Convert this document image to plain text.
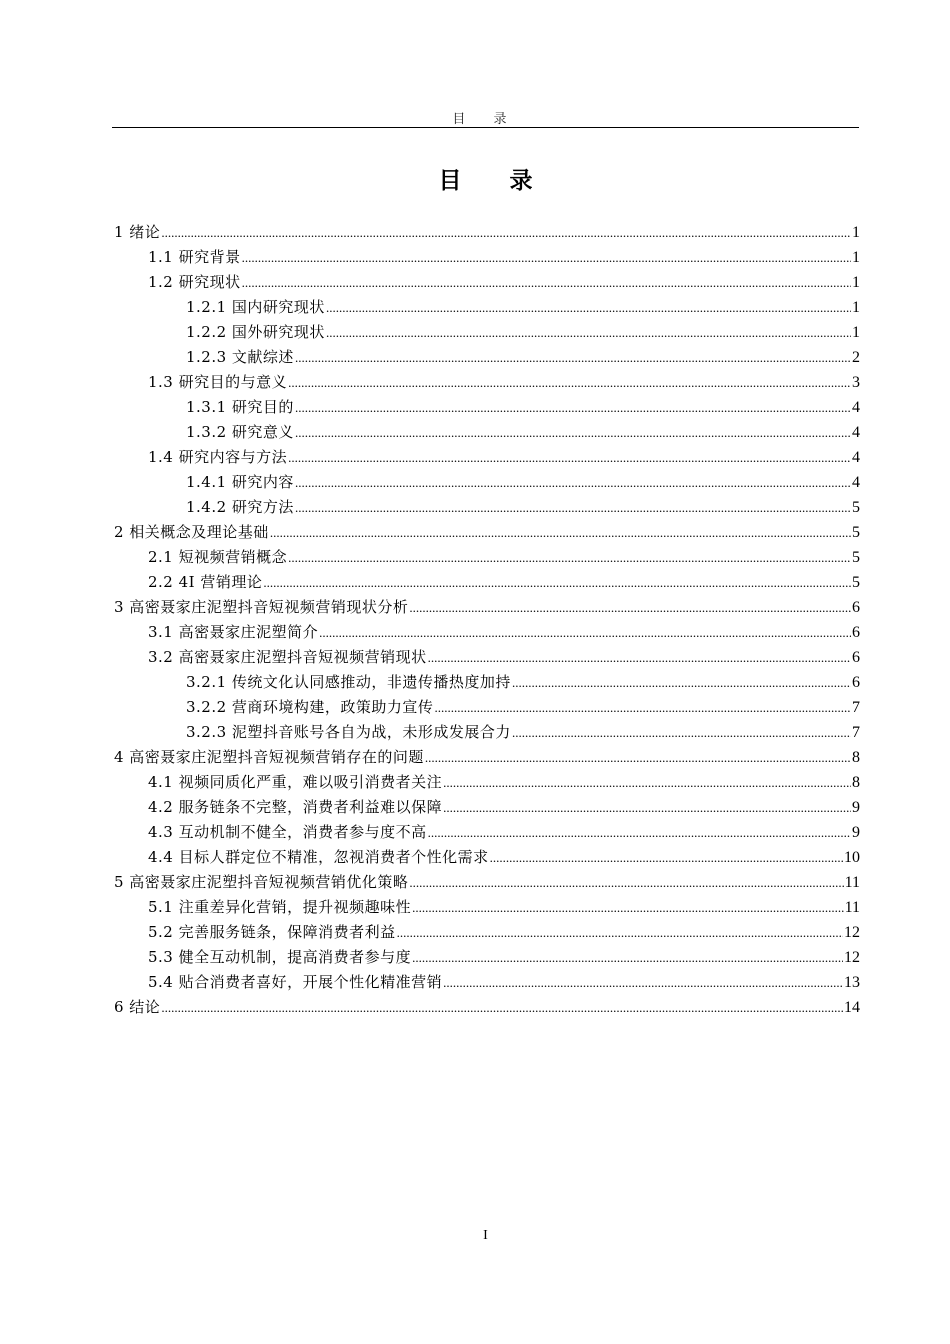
目 录
目 录
1 绪论 .....	1
1.1 研究背景 .....	1
1.2 研究现状 .....	1
1.2.1 国内研究现状 .....	1
1.2.2 国外研究现状 .....	1
1.2.3 文献综述 .....	2
1.3 研究目的与意义 .....	3
1.3.1 研究目的 .....	4
1.3.2 研究意义 .....	4
1.4 研究内容与方法 .....	4
1.4.1 研究内容 .....	4
1.4.2 研究方法 .....	5
2 相关概念及理论基础 .....	5
2.1 短视频营销概念 .....	5
2.2 4I 营销理论 .....	5
3 高密聂家庄泥塑抖音短视频营销现状分析 .....	6
3.1 高密聂家庄泥塑简介 .....	6
3.2 高密聂家庄泥塑抖音短视频营销现状 .....	6
3.2.1 传统文化认同感推动，非遗传播热度加持 .....	6
3.2.2 营商环境构建，政策助力宣传 .....	7
3.2.3 泥塑抖音账号各自为战，未形成发展合力 .....	7
4 高密聂家庄泥塑抖音短视频营销存在的问题 .....	8
4.1 视频同质化严重，难以吸引消费者关注 .....	8
4.2 服务链条不完整，消费者利益难以保障 .....	9
4.3 互动机制不健全，消费者参与度不高 .....	9
4.4 目标人群定位不精准，忽视消费者个性化需求 .....	10
5 高密聂家庄泥塑抖音短视频营销优化策略 .....	11
5.1 注重差异化营销，提升视频趣味性 .....	11
5.2 完善服务链条，保障消费者利益 .....	12
5.3 健全互动机制，提高消费者参与度 .....	12
5.4 贴合消费者喜好，开展个性化精准营销 .....	13
6 结论 .....	14
I
